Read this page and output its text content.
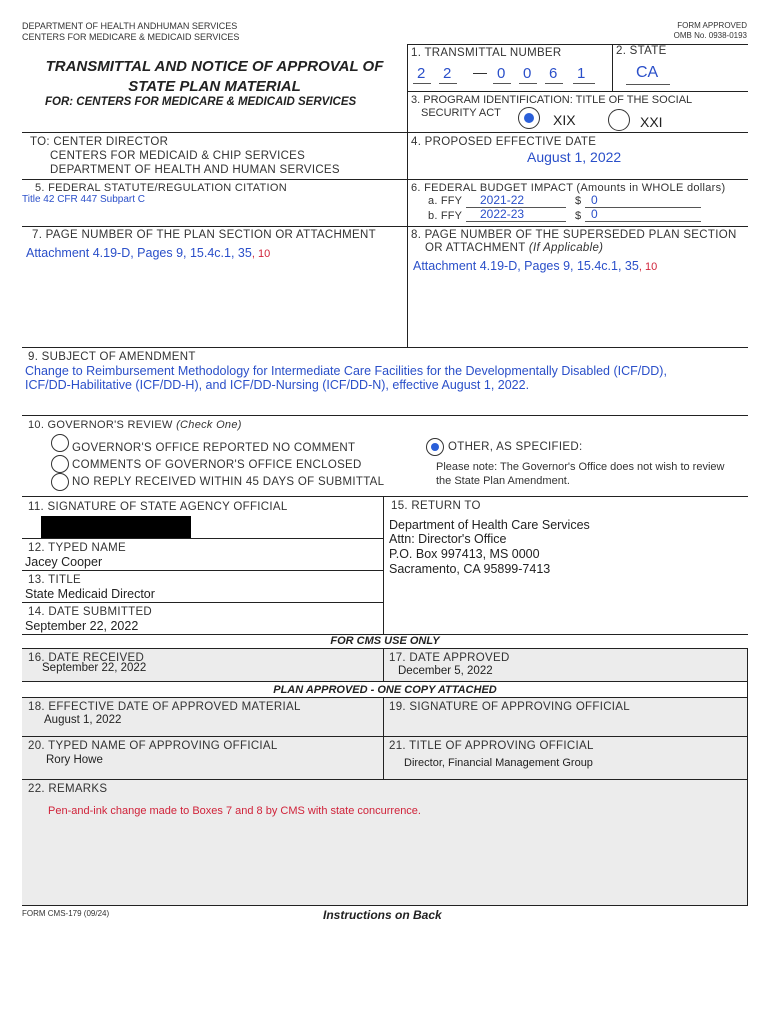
DEPARTMENT OF HEALTH ANDHUMAN SERVICES
CENTERS FOR MEDICARE & MEDICAID SERVICES
FORM APPROVED
OMB No. 0938-0193
TRANSMITTAL AND NOTICE OF APPROVAL OF
STATE PLAN MATERIAL
FOR: CENTERS FOR MEDICARE & MEDICAID SERVICES
1. TRANSMITTAL NUMBER
2 2 — 0 0 6 1
2. STATE
CA
3. PROGRAM IDENTIFICATION: TITLE OF THE SOCIAL
SECURITY ACT	XIX	XXI
TO: CENTER DIRECTOR
CENTERS FOR MEDICAID & CHIP SERVICES
DEPARTMENT OF HEALTH AND HUMAN SERVICES
4. PROPOSED EFFECTIVE DATE
August 1, 2022
5. FEDERAL STATUTE/REGULATION CITATION
Title 42 CFR 447 Subpart C
6. FEDERAL BUDGET IMPACT (Amounts in WHOLE dollars)
a. FFY 2021-22	$ 0
b. FFY 2022-23	$ 0
7. PAGE NUMBER OF THE PLAN SECTION OR ATTACHMENT
Attachment 4.19-D, Pages 9, 15.4c.1, 35, 10
8. PAGE NUMBER OF THE SUPERSEDED PLAN SECTION
OR ATTACHMENT (If Applicable)
Attachment 4.19-D, Pages 9, 15.4c.1, 35, 10
9. SUBJECT OF AMENDMENT
Change to Reimbursement Methodology for Intermediate Care Facilities for the Developmentally Disabled (ICF/DD),
ICF/DD-Habilitative (ICF/DD-H), and ICF/DD-Nursing (ICF/DD-N), effective August 1, 2022.
10. GOVERNOR'S REVIEW (Check One)
GOVERNOR'S OFFICE REPORTED NO COMMENT
COMMENTS OF GOVERNOR'S OFFICE ENCLOSED
NO REPLY RECEIVED WITHIN 45 DAYS OF SUBMITTAL
OTHER, AS SPECIFIED:
Please note: The Governor's Office does not wish to review
the State Plan Amendment.
11. SIGNATURE OF STATE AGENCY OFFICIAL
12. TYPED NAME
Jacey Cooper
13. TITLE
State Medicaid Director
14. DATE SUBMITTED
September 22, 2022
15. RETURN TO
Department of Health Care Services
Attn: Director's Office
P.O. Box 997413, MS 0000
Sacramento, CA 95899-7413
FOR CMS USE ONLY
16. DATE RECEIVED
September 22, 2022
17. DATE APPROVED
December 5, 2022
PLAN APPROVED - ONE COPY ATTACHED
18. EFFECTIVE DATE OF APPROVED MATERIAL
August 1, 2022
19. SIGNATURE OF APPROVING OFFICIAL
20. TYPED NAME OF APPROVING OFFICIAL
Rory Howe
21. TITLE OF APPROVING OFFICIAL
Director, Financial Management Group
22. REMARKS
Pen-and-ink change made to Boxes 7 and 8 by CMS with state concurrence.
FORM CMS-179 (09/24)	Instructions on Back
